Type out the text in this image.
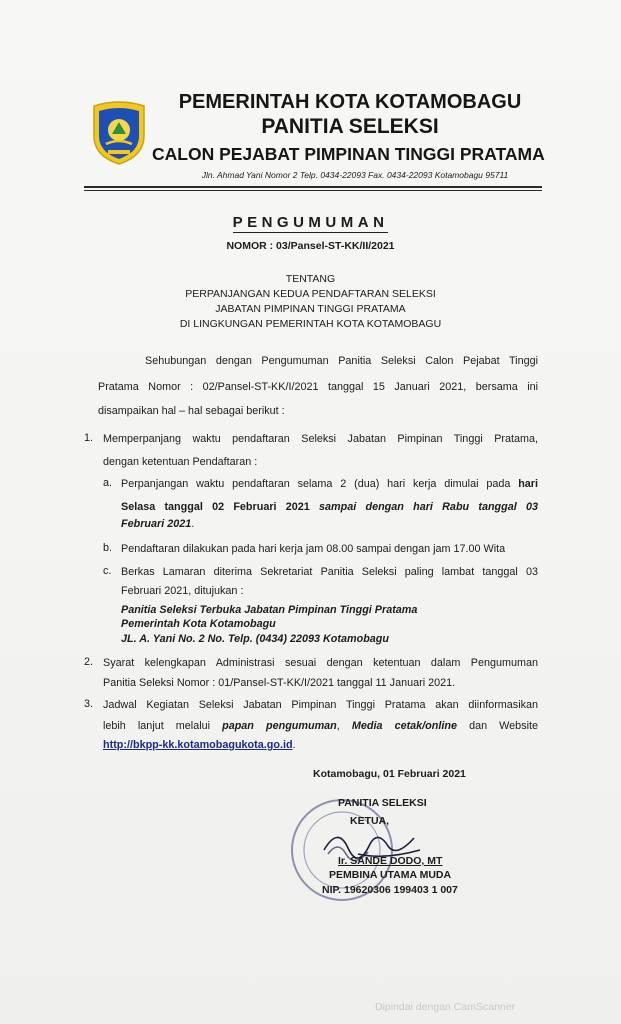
PEMERINTAH KOTA KOTAMOBAGU
PANITIA SELEKSI
CALON PEJABAT PIMPINAN TINGGI PRATAMA
Jln. Ahmad Yani Nomor 2 Telp. 0434-22093 Fax. 0434-22093 Kotamobagu 95711
PENGUMUMAN
NOMOR : 03/Pansel-ST-KK/II/2021
TENTANG
PERPANJANGAN KEDUA PENDAFTARAN SELEKSI
JABATAN PIMPINAN TINGGI PRATAMA
DI LINGKUNGAN PEMERINTAH KOTA KOTAMOBAGU
Sehubungan dengan Pengumuman Panitia Seleksi Calon Pejabat Tinggi
Pratama Nomor : 02/Pansel-ST-KK/I/2021 tanggal 15 Januari 2021, bersama ini
disampaikan hal – hal sebagai berikut :
1. Memperpanjang waktu pendaftaran Seleksi Jabatan Pimpinan Tinggi Pratama,
dengan ketentuan Pendaftaran :
a. Perpanjangan waktu pendaftaran selama 2 (dua) hari kerja dimulai pada hari
Selasa tanggal 02 Februari 2021 sampai dengan hari Rabu tanggal 03
Februari 2021.
b. Pendaftaran dilakukan pada hari kerja jam 08.00 sampai dengan jam 17.00 Wita
c. Berkas Lamaran diterima Sekretariat Panitia Seleksi paling lambat tanggal 03
Februari 2021, ditujukan :
Panitia Seleksi Terbuka Jabatan Pimpinan Tinggi Pratama
Pemerintah Kota Kotamobagu
JL. A. Yani No. 2 No. Telp. (0434) 22093 Kotamobagu
2. Syarat kelengkapan Administrasi sesuai dengan ketentuan dalam Pengumuman
Panitia Seleksi Nomor : 01/Pansel-ST-KK/I/2021 tanggal 11 Januari 2021.
3. Jadwal Kegiatan Seleksi Jabatan Pimpinan Tinggi Pratama akan diinformasikan
lebih lanjut melalui papan pengumuman, Media cetak/online dan Website
http://bkpp-kk.kotamobagukota.go.id.
Kotamobagu, 01 Februari 2021
PANITIA SELEKSI
KETUA,
Ir. SANDE DODO, MT
PEMBINA UTAMA MUDA
NIP. 19620306 199403 1 007
Dipindai dengan CamScanner
